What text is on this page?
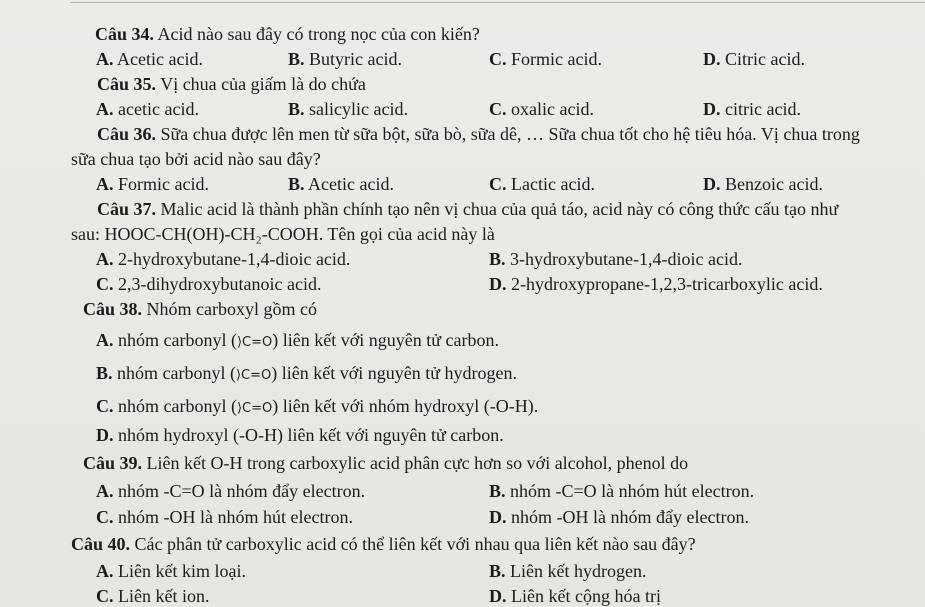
Câu 34. Acid nào sau đây có trong nọc của con kiến?
A. Acetic acid.	B. Butyric acid.	C. Formic acid.	D. Citric acid.
Câu 35. Vị chua của giấm là do chứa
A. acetic acid.	B. salicylic acid.	C. oxalic acid.	D. citric acid.
Câu 36. Sữa chua được lên men từ sữa bột, sữa bò, sữa dê, … Sữa chua tốt cho hệ tiêu hóa. Vị chua trong
sữa chua tạo bởi acid nào sau đây?
A. Formic acid.	B. Acetic acid.	C. Lactic acid.	D. Benzoic acid.
Câu 37. Malic acid là thành phần chính tạo nên vị chua của quả táo, acid này có công thức cấu tạo như
sau: HOOC-CH(OH)-CH₂-COOH. Tên gọi của acid này là
A. 2-hydroxybutane-1,4-dioic acid.	B. 3-hydroxybutane-1,4-dioic acid.
C. 2,3-dihydroxybutanoic acid.	D. 2-hydroxypropane-1,2,3-tricarboxylic acid.
Câu 38. Nhóm carboxyl gồm có
A. nhóm carbonyl (⟩C=O) liên kết với nguyên tử carbon.
B. nhóm carbonyl (⟩C=O) liên kết với nguyên tử hydrogen.
C. nhóm carbonyl (⟩C=O) liên kết với nhóm hydroxyl (-O-H).
D. nhóm hydroxyl (-O-H) liên kết với nguyên tử carbon.
Câu 39. Liên kết O-H trong carboxylic acid phân cực hơn so với alcohol, phenol do
A. nhóm -C=O là nhóm đẩy electron.	B. nhóm -C=O là nhóm hút electron.
C. nhóm -OH là nhóm hút electron.	D. nhóm -OH là nhóm đẩy electron.
Câu 40. Các phân tử carboxylic acid có thể liên kết với nhau qua liên kết nào sau đây?
A. Liên kết kim loại.	B. Liên kết hydrogen.
C. Liên kết ion.	D. Liên kết cộng hóa trị
